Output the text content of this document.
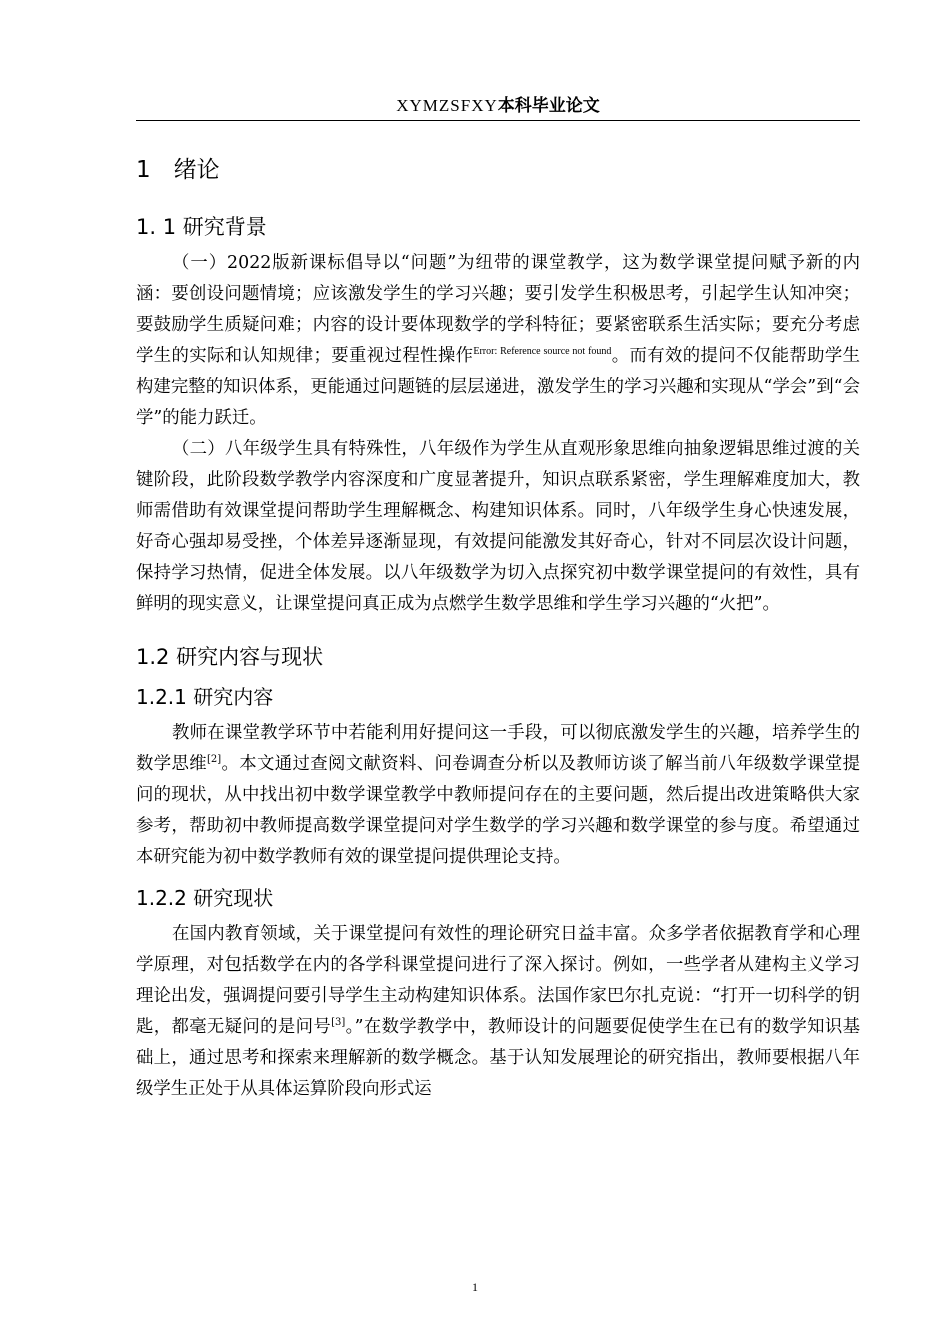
XYMZSFXY本科毕业论文
1　绪论
1. 1 研究背景

（一）2022版新课标倡导以“问题”为纽带的课堂教学，这为数学课堂提问赋予新的内涵：要创设问题情境；应该激发学生的学习兴趣；要引发学生积极思考，引起学生认知冲突；要鼓励学生质疑问难；内容的设计要体现数学的学科特征；要紧密联系生活实际；要充分考虑学生的实际和认知规律；要重视过程性操作$^{Error: Reference source not found}$。而有效的提问不仅能帮助学生构建完整的知识体系，更能通过问题链的层层递进，激发学生的学习兴趣和实现从“学会”到“会学”的能力跃迁。

（二）八年级学生具有特殊性，八年级作为学生从直观形象思维向抽象逻辑思维过渡的关键阶段，此阶段数学教学内容深度和广度显著提升，知识点联系紧密，学生理解难度加大，教师需借助有效课堂提问帮助学生理解概念、构建知识体系。同时，八年级学生身心快速发展，好奇心强却易受挫，个体差异逐渐显现，有效提问能激发其好奇心，针对不同层次设计问题，保持学习热情，促进全体发展。以八年级数学为切入点探究初中数学课堂提问的有效性，具有鲜明的现实意义，让课堂提问真正成为点燃学生数学思维和学生学习兴趣的“火把”。

1.2 研究内容与现状
1.2.1 研究内容

教师在课堂教学环节中若能利用好提问这一手段，可以彻底激发学生的兴趣，培养学生的数学思维[2]。本文通过查阅文献资料、问卷调查分析以及教师访谈了解当前八年级数学课堂提问的现状，从中找出初中数学课堂教学中教师提问存在的主要问题，然后提出改进策略供大家参考，帮助初中教师提高数学课堂提问对学生数学的学习兴趣和数学课堂的参与度。希望通过本研究能为初中数学教师有效的课堂提问提供理论支持。

1.2.2 研究现状

在国内教育领域，关于课堂提问有效性的理论研究日益丰富。众多学者依据教育学和心理学原理，对包括数学在内的各学科课堂提问进行了深入探讨。例如，一些学者从建构主义学习理论出发，强调提问要引导学生主动构建知识体系。法国作家巴尔扎克说：“打开一切科学的钥匙，都毫无疑问的是问号[3]。”在数学教学中，教师设计的问题要促使学生在已有的数学知识基础上，通过思考和探索来理解新的数学概念。基于认知发展理论的研究指出，教师要根据八年级学生正处于从具体运算阶段向形式运

1
